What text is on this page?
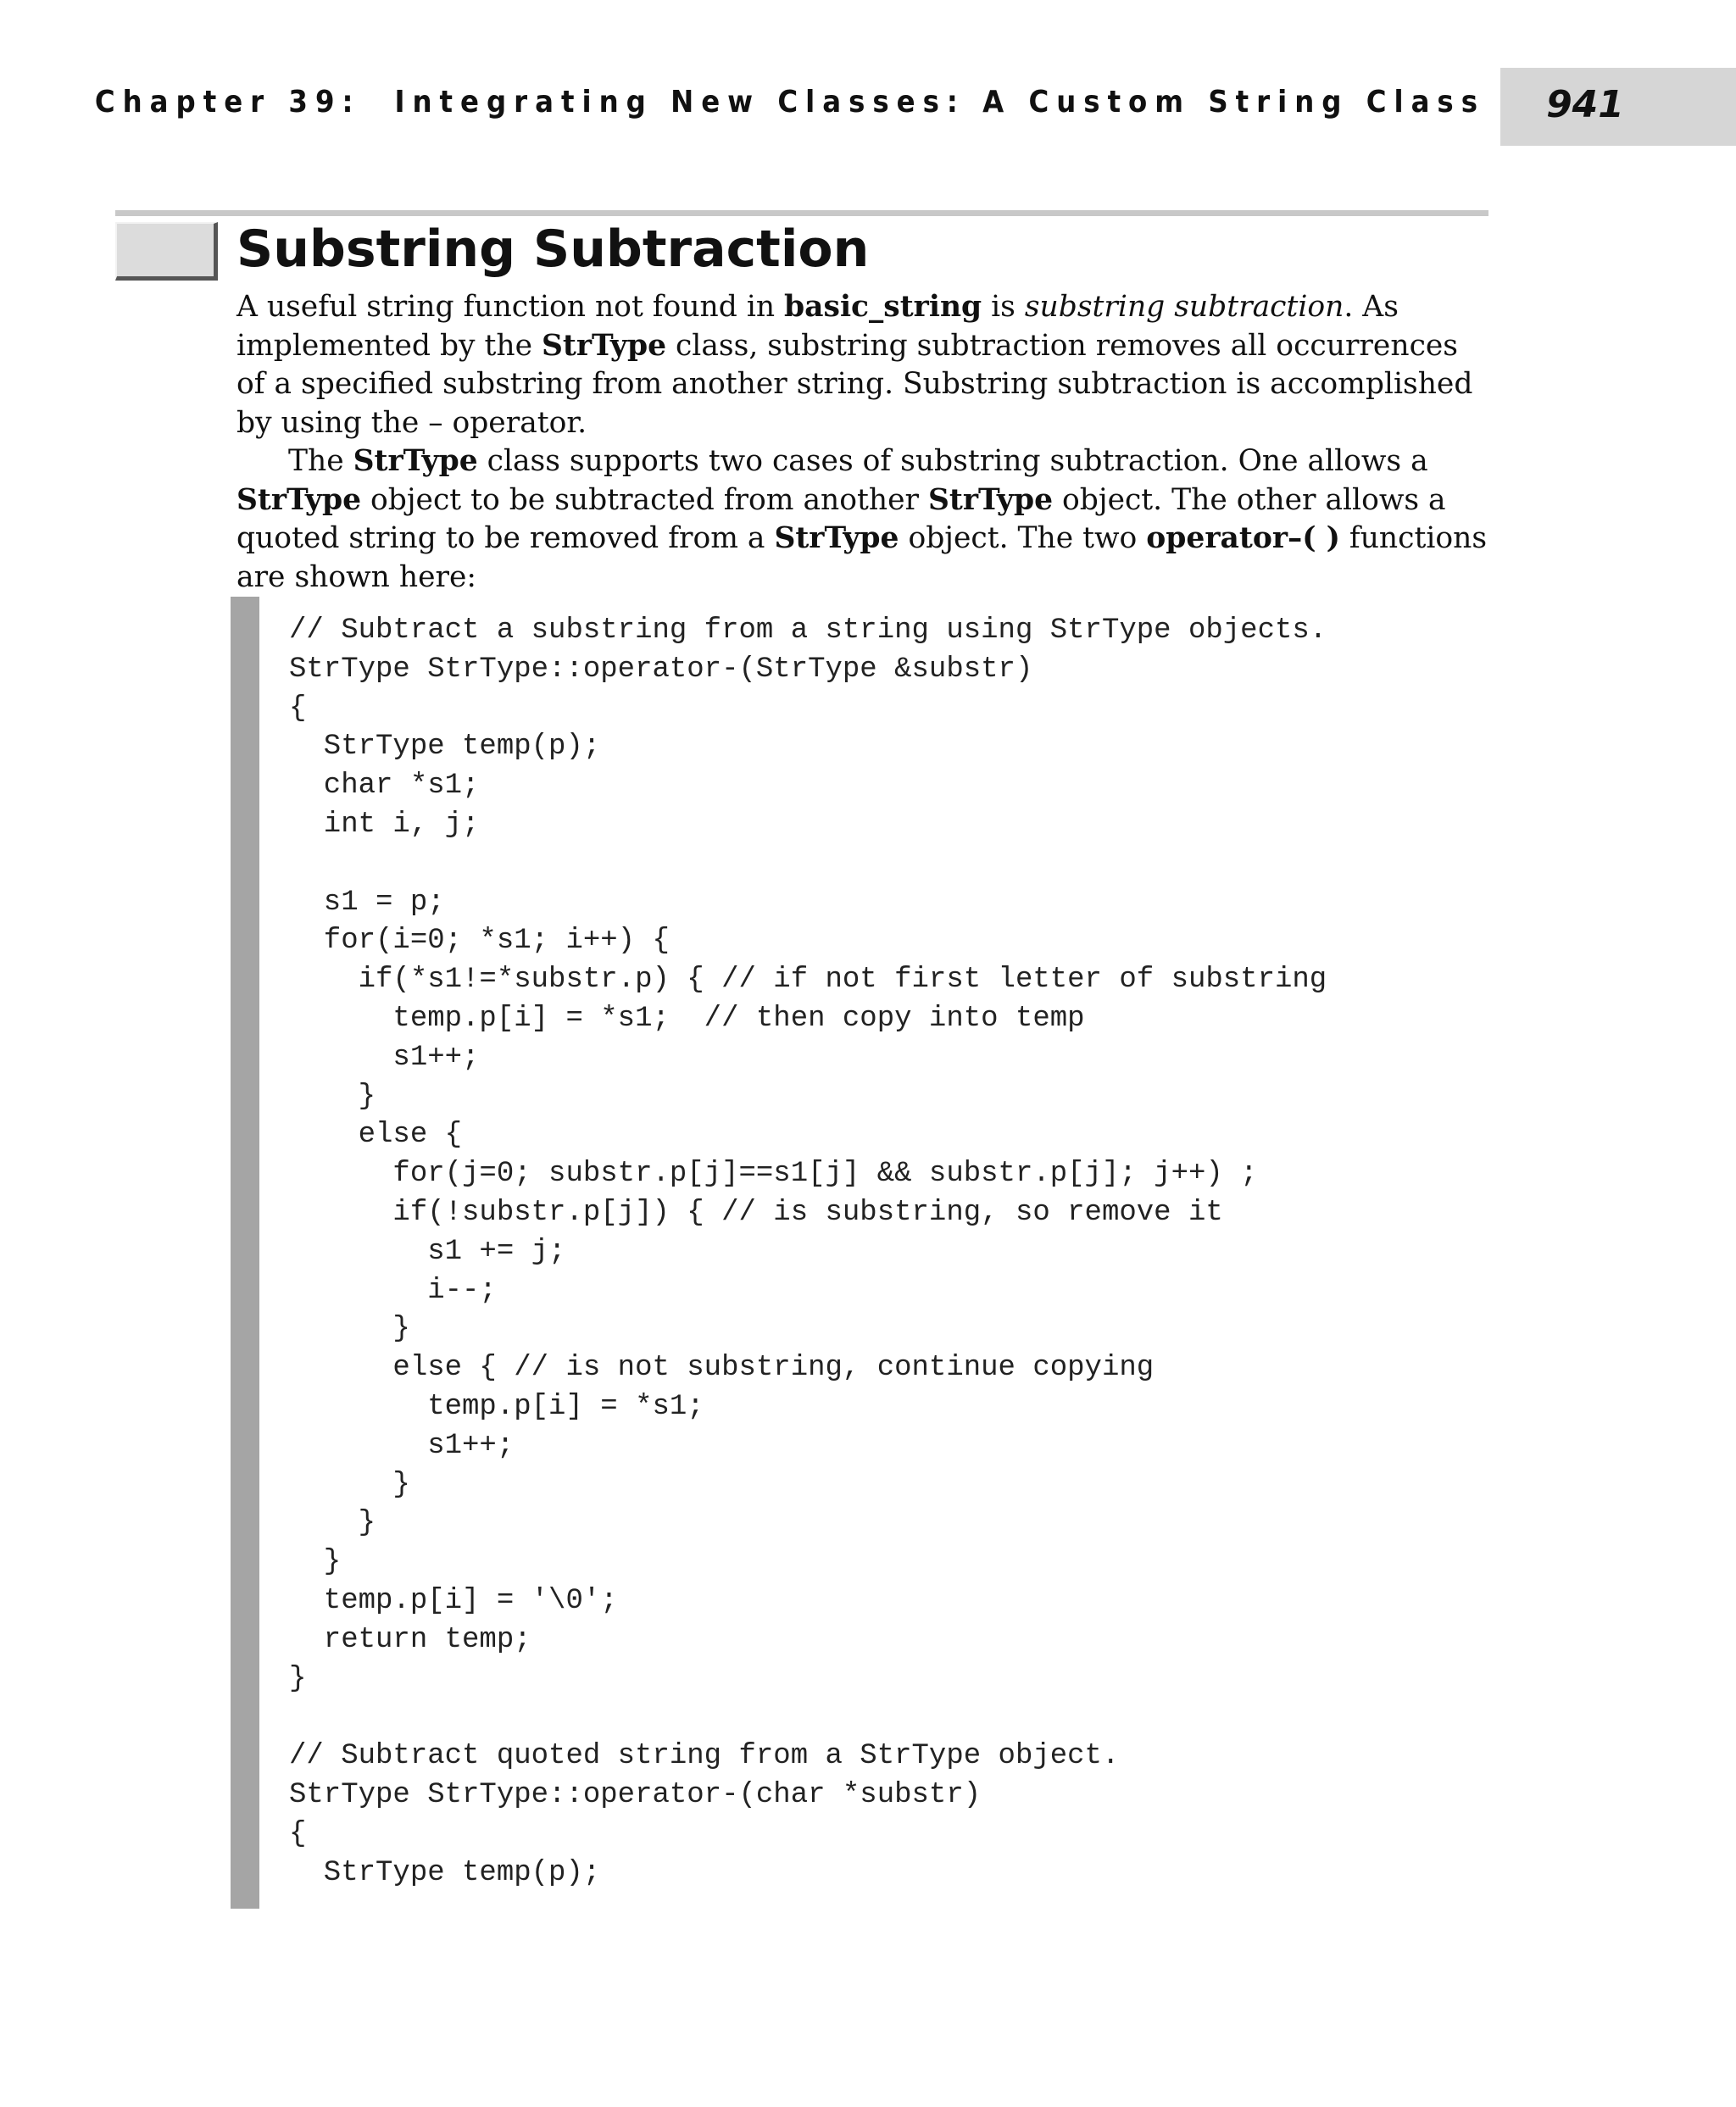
Chapter 39: Integrating New Classes: A Custom String Class	941
Substring Subtraction

A useful string function not found in basic_string is substring subtraction. As implemented by the StrType class, substring subtraction removes all occurrences of a specified substring from another string. Substring subtraction is accomplished by using the – operator.

The StrType class supports two cases of substring subtraction. One allows a StrType object to be subtracted from another StrType object. The other allows a quoted string to be removed from a StrType object. The two operator–( ) functions are shown here:

// Subtract a substring from a string using StrType objects.
StrType StrType::operator-(StrType &substr)
{
StrType temp(p);
char *s1;
int i, j;

s1 = p;
for(i=0; *s1; i++) {
if(*s1!=*substr.p) { // if not first letter of substring
temp.p[i] = *s1;  // then copy into temp
s1++;
}
else {
for(j=0; substr.p[j]==s1[j] && substr.p[j]; j++) ;
if(!substr.p[j]) { // is substring, so remove it
s1 += j;
i--;
}
else { // is not substring, continue copying
temp.p[i] = *s1;
s1++;
}
}
}
temp.p[i] = '\0';
return temp;
}

// Subtract quoted string from a StrType object.
StrType StrType::operator-(char *substr)
{
StrType temp(p);
